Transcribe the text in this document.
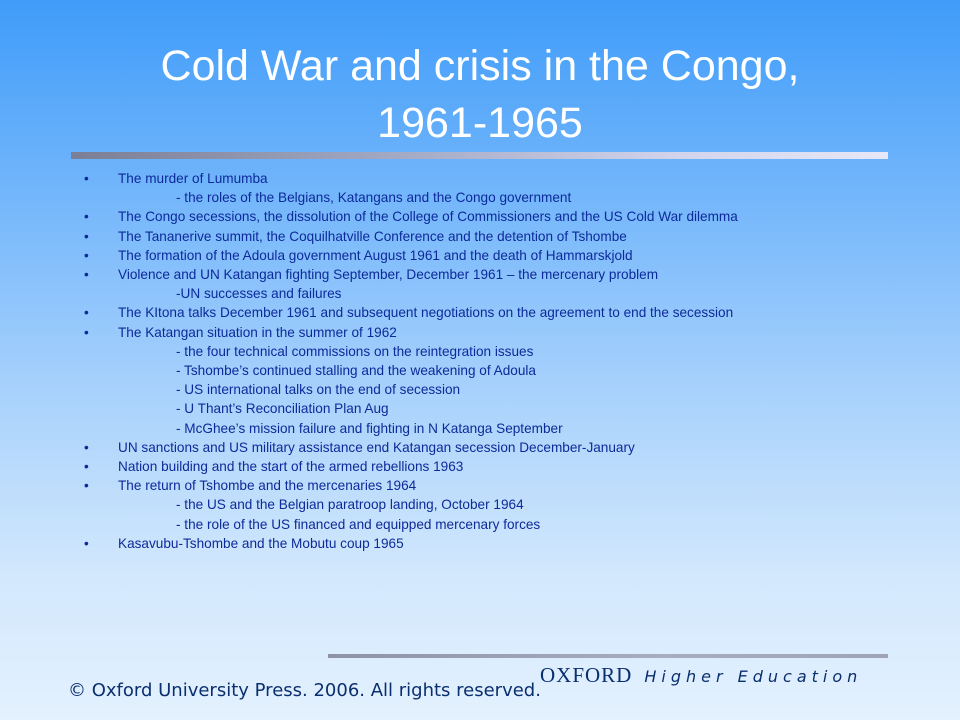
Cold War and crisis in the Congo,
1961-1965
• The murder of Lumumba
- the roles of the Belgians, Katangans and the Congo government
• The Congo secessions, the dissolution of the College of Commissioners and the US Cold War dilemma
• The Tananerive summit, the Coquilhatville Conference and the detention of Tshombe
• The formation of the Adoula government August 1961 and the death of Hammarskjold
• Violence and UN Katangan fighting September, December 1961 – the mercenary problem
-UN successes and failures
• The KItona talks December 1961 and subsequent negotiations on the agreement to end the secession
• The Katangan situation in the summer of 1962
- the four technical commissions on the reintegration issues
- Tshombe’s continued stalling and the weakening of Adoula
- US international talks on the end of secession
- U Thant’s Reconciliation Plan Aug
- McGhee’s mission failure and fighting in N Katanga September
• UN sanctions and US military assistance end Katangan secession December-January
• Nation building and the start of the armed rebellions 1963
• The return of Tshombe and the mercenaries 1964
- the US and the Belgian paratroop landing, October 1964
- the role of the US financed and equipped mercenary forces
• Kasavubu-Tshombe and the Mobutu coup 1965
OXFORD Higher Education
© Oxford University Press. 2006. All rights reserved.
